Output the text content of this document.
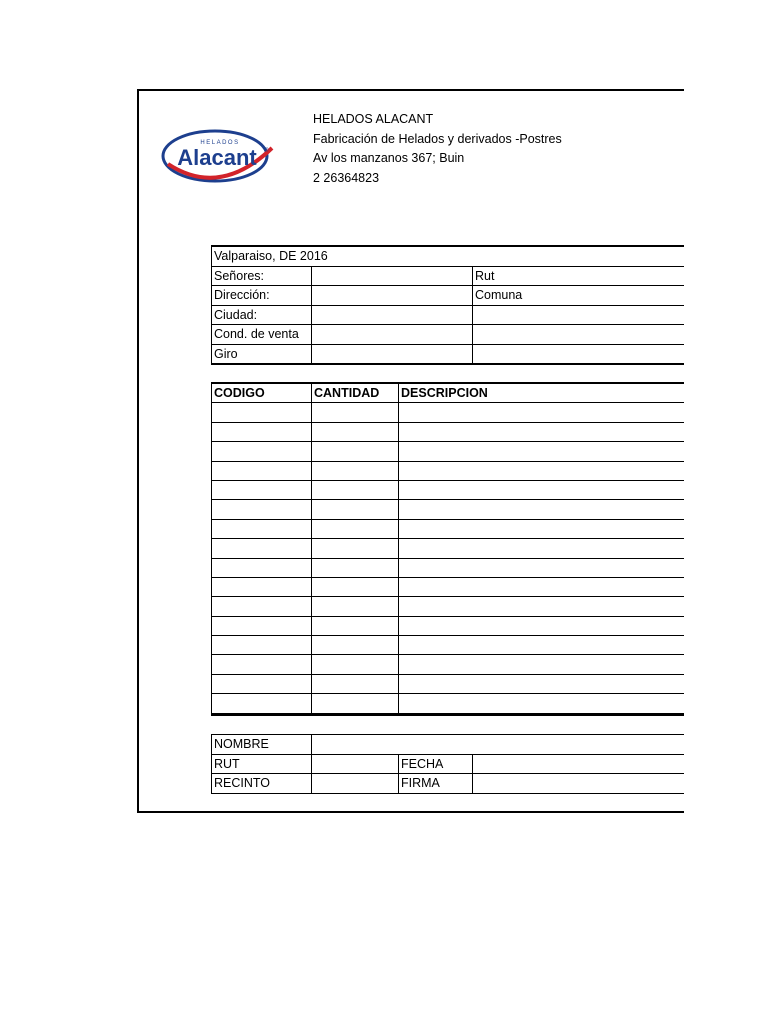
HELADOS
Alacant ®
HELADOS ALACANT
Fabricación de Helados y derivados -Postres
Av los manzanos 367; Buin
2 26364823
Valparaiso, DE 2016		
Señores:		Rut
Dirección:		Comuna
Ciudad:		
Cond. de venta		
Giro		
CODIGO	CANTIDAD	DESCRIPCION

NOMBRE			
RUT		FECHA	
RECINTO		FIRMA	
